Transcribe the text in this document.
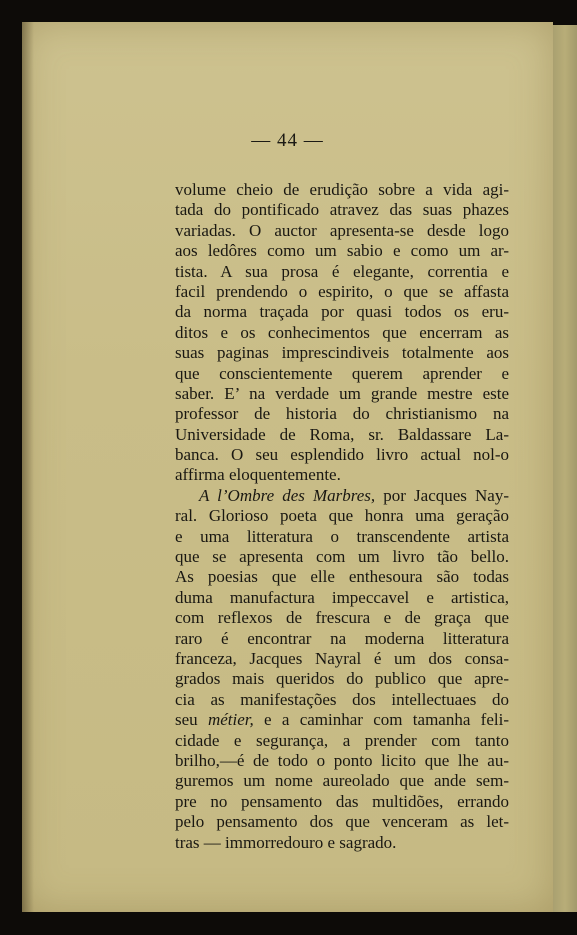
— 44 —
volume cheio de erudição sobre a vida agi-
tada do pontificado atravez das suas phazes
variadas. O auctor apresenta-se desde logo
aos ledôres como um sabio e como um ar-
tista. A sua prosa é elegante, correntia e
facil prendendo o espirito, o que se affasta
da norma traçada por quasi todos os eru-
ditos e os conhecimentos que encerram as
suas paginas imprescindiveis totalmente aos
que conscientemente querem aprender e
saber. E’ na verdade um grande mestre este
professor de historia do christianismo na
Universidade de Roma, sr. Baldassare La-
banca. O seu esplendido livro actual nol-o
affirma eloquentemente.
A l’Ombre des Marbres, por Jacques Nay-
ral. Glorioso poeta que honra uma geração
e uma litteratura o transcendente artista
que se apresenta com um livro tão bello.
As poesias que elle enthesoura são todas
duma manufactura impeccavel e artistica,
com reflexos de frescura e de graça que
raro é encontrar na moderna litteratura
franceza, Jacques Nayral é um dos consa-
grados mais queridos do publico que apre-
cia as manifestações dos intellectuaes do
seu métier, e a caminhar com tamanha feli-
cidade e segurança, a prender com tanto
brilho,—é de todo o ponto licito que lhe au-
guremos um nome aureolado que ande sem-
pre no pensamento das multidões, errando
pelo pensamento dos que venceram as let-
tras — immorredouro e sagrado.
